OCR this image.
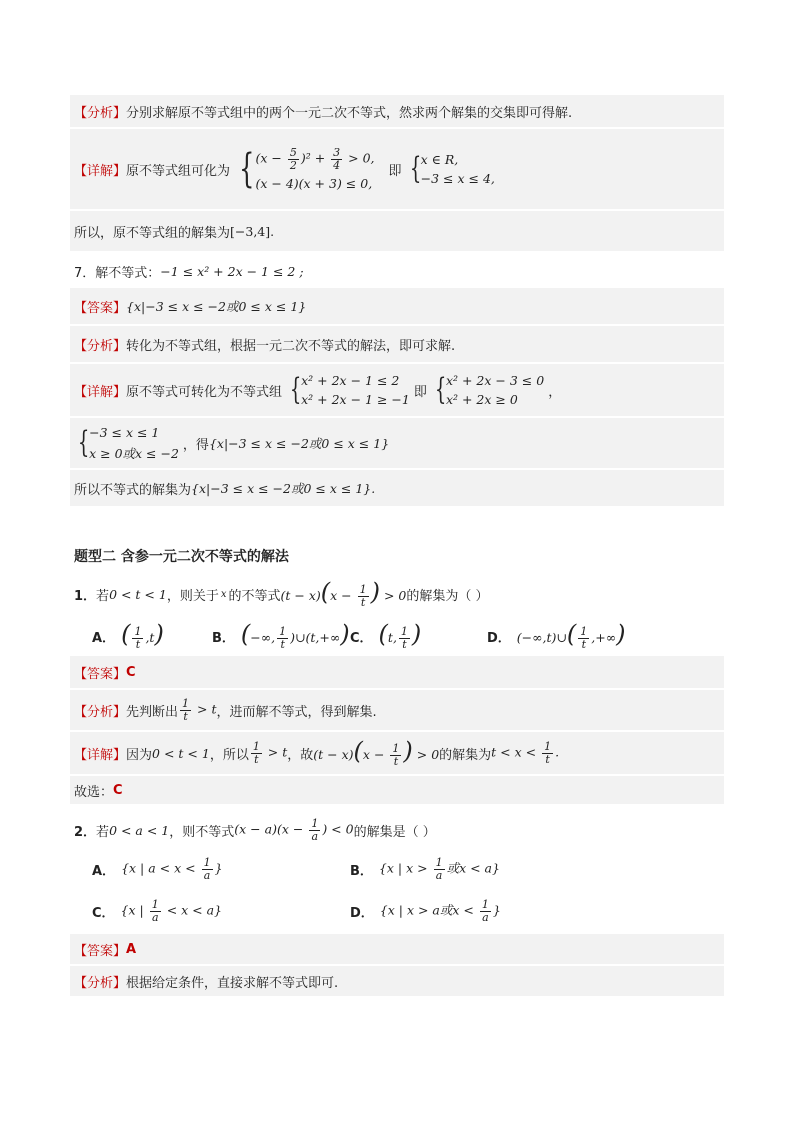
【分析】 分别求解原不等式组中的两个一元二次不等式，然求两个解集的交集即可得解.
【详解】 原不等式组可化为 { $(x - \frac{5}{2} )^2 + \frac{3}{4} > 0$,
(x − 4)(x + 3) ≤ 0,
即 { x ∈ R,
−3 ≤ x ≤ 4,
所以，原不等式组的解集为 [−3,4].
7． 解不等式： −1 ≤ x² + 2x − 1 ≤ 2 ;
【答案】 {x|−3 ≤ x ≤ −2或0 ≤ x ≤ 1}
【分析】 转化为不等式组，根据一元二次不等式的解法，即可求解.
【详解】 原不等式可转化为不等式组 { x² + 2x − 1 ≤ 2
x² + 2x − 1 ≥ −1 即 { x² + 2x − 3 ≤ 0
x² + 2x ≥ 0	，
{ −3 ≤ x ≤ 1
x ≥ 0或x ≤ −2
，得 {x|−3 ≤ x ≤ −2或0 ≤ x ≤ 1}
所以不等式的解集为 {x|−3 ≤ x ≤ −2或0 ≤ x ≤ 1}.
题型二 含参一元二次不等式的解法
1． 若 0 < t < 1 ，则关于 x 的不等式 $(t - x)(x - \frac{1}{t}$ ) > 0 的解集为（ ）
A． ( $\frac{1}{t} ,t$)	B． (−∞, $\frac{1}{t}$ )∪(t,+∞) C． (t, $\frac{1}{t}$ )	D． (−∞,t)∪( $\frac{1}{t}$ ,+∞)
【答案】 C
【分析】 先判断出 $\frac{1}{t} > t$ ，进而解不等式，得到解集.
【详解】 因为 0 < t < 1 ，所以 $\frac{1}{t} > t$ ，故 $(t - x)(x - \frac{1}{t}$ ) > 0 的解集为 $t < x < \frac{1}{t}$ .
故选： C
2． 若 0 < a < 1 ，则不等式 $(x - a)(x - \frac{1}{a}$ ) < 0 的解集是（ ）
A． {x | $a < x < \frac{1}{a}$ }	B． {x | $x > \frac{1}{a}$ 或x < a}
C． {x | $\frac{1}{a} < x < a$}	D． {x | x > a或$x < \frac{1}{a}$ }
【答案】 A
【分析】 根据给定条件，直接求解不等式即可.
